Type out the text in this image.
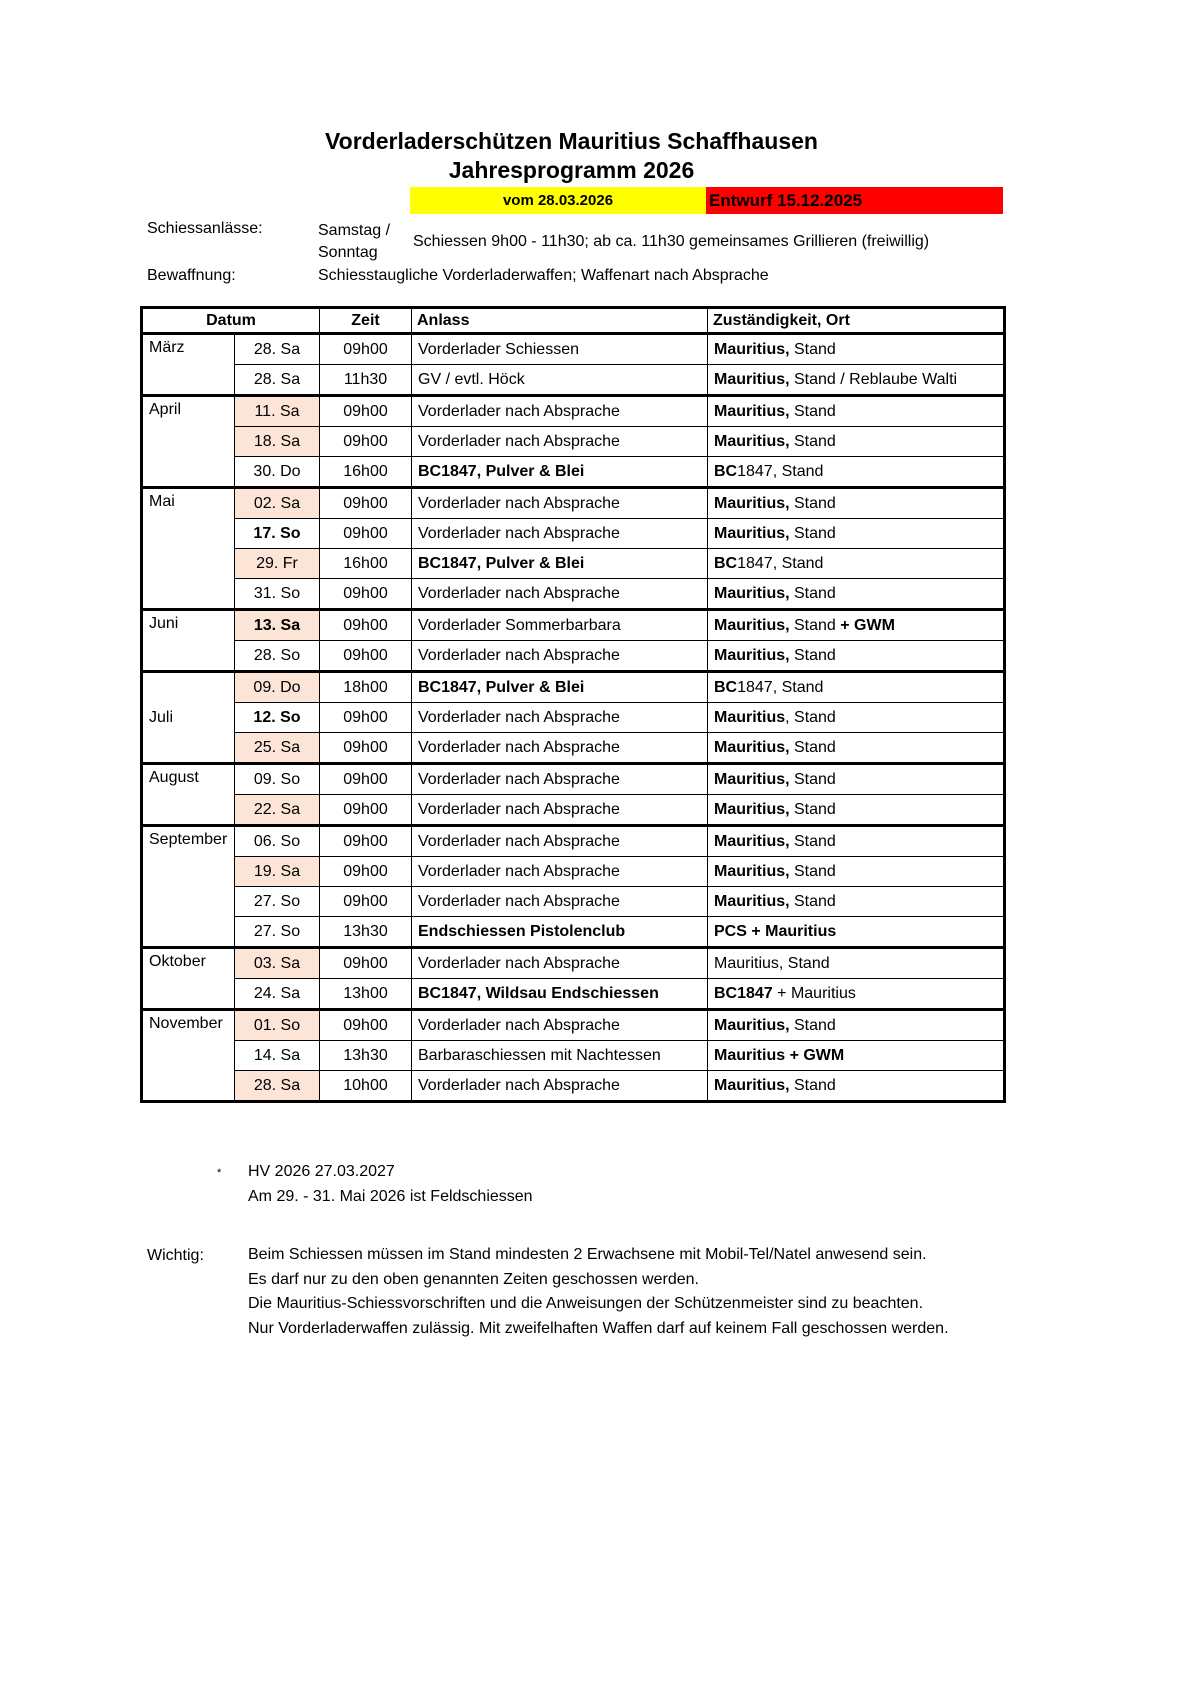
Vorderladerschützen Mauritius Schaffhausen
Jahresprogramm 2026
vom 28.03.2026	Entwurf 15.12.2025
Schiessanlässe:	Samstag /
Sonntag
Schiessen 9h00 - 11h30; ab ca. 11h30 gemeinsames Grillieren (freiwillig)
Bewaffnung:	Schiesstaugliche Vorderladerwaffen; Waffenart nach Absprache
Datum		Zeit	Anlass	Zuständigkeit, Ort
März	28. Sa	09h00	Vorderlader Schiessen	Mauritius, Stand
	28. Sa	11h30	GV / evtl. Höck	Mauritius, Stand / Reblaube Walti
April	11. Sa	09h00	Vorderlader nach Absprache	Mauritius, Stand
	18. Sa	09h00	Vorderlader nach Absprache	Mauritius, Stand
	30. Do	16h00	BC1847, Pulver & Blei	BC1847, Stand
Mai	02. Sa	09h00	Vorderlader nach Absprache	Mauritius, Stand
	17. So	09h00	Vorderlader nach Absprache	Mauritius, Stand
	29. Fr	16h00	BC1847, Pulver & Blei	BC1847, Stand
	31. So	09h00	Vorderlader nach Absprache	Mauritius, Stand
Juni	13. Sa	09h00	Vorderlader Sommerbarbara	Mauritius, Stand + GWM
	28. So	09h00	Vorderlader nach Absprache	Mauritius, Stand
Juli	09. Do	18h00	BC1847, Pulver & Blei	BC1847, Stand
	12. So	09h00	Vorderlader nach Absprache	Mauritius, Stand
	25. Sa	09h00	Vorderlader nach Absprache	Mauritius, Stand
August	09. So	09h00	Vorderlader nach Absprache	Mauritius, Stand
	22. Sa	09h00	Vorderlader nach Absprache	Mauritius, Stand
September	06. So	09h00	Vorderlader nach Absprache	Mauritius, Stand
	19. Sa	09h00	Vorderlader nach Absprache	Mauritius, Stand
	27. So	09h00	Vorderlader nach Absprache	Mauritius, Stand
	27. So	13h30	Endschiessen Pistolenclub	PCS + Mauritius
Oktober	03. Sa	09h00	Vorderlader nach Absprache	Mauritius, Stand
	24. Sa	13h00	BC1847, Wildsau Endschiessen	BC1847 + Mauritius
November	01. So	09h00	Vorderlader nach Absprache	Mauritius, Stand
	14. Sa	13h30	Barbaraschiessen mit Nachtessen	Mauritius + GWM
	28. Sa	10h00	Vorderlader nach Absprache	Mauritius, Stand
* HV 2026 27.03.2027
Am 29. - 31. Mai 2026 ist Feldschiessen
Wichtig:	Beim Schiessen müssen im Stand mindesten 2 Erwachsene mit Mobil-Tel/Natel anwesend sein.
Es darf nur zu den oben genannten Zeiten geschossen werden.
Die Mauritius-Schiessvorschriften und die Anweisungen der Schützenmeister sind zu beachten.
Nur Vorderladerwaffen zulässig. Mit zweifelhaften Waffen darf auf keinem Fall geschossen werden.
